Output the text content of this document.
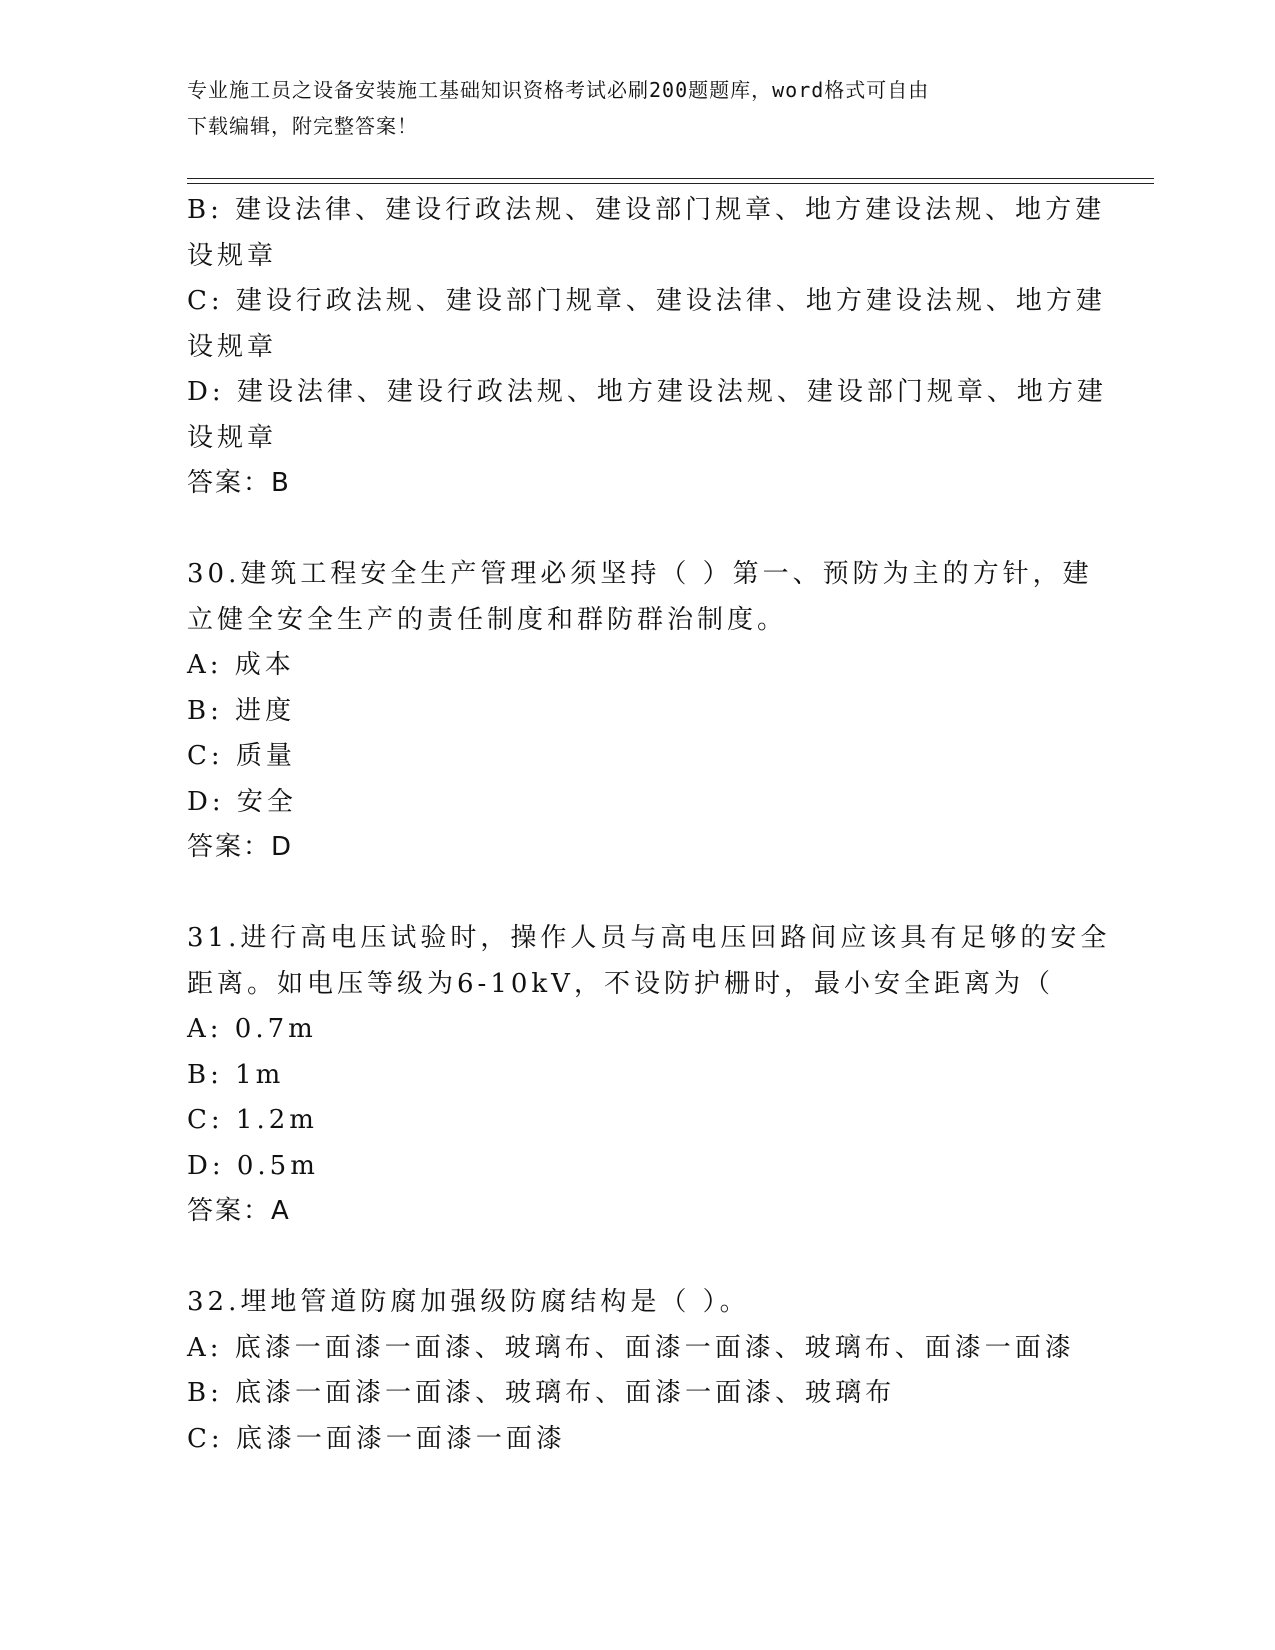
专业施工员之设备安装施工基础知识资格考试必刷200题题库，word格式可自由
下载编辑，附完整答案！
B: 建设法律、建设行政法规、建设部门规章、地方建设法规、地方建
设规章
C: 建设行政法规、建设部门规章、建设法律、地方建设法规、地方建
设规章
D: 建设法律、建设行政法规、地方建设法规、建设部门规章、地方建
设规章
答案：B
30.建筑工程安全生产管理必须坚持（ ）第一、预防为主的方针，建
立健全安全生产的责任制度和群防群治制度。
A: 成本
B: 进度
C: 质量
D: 安全
答案：D
31.进行高电压试验时，操作人员与高电压回路间应该具有足够的安全
距离。如电压等级为6-10kV，不设防护栅时，最小安全距离为（
A: 0.7m
B: 1m
C: 1.2m
D: 0.5m
答案：A
32.埋地管道防腐加强级防腐结构是（ ）。
A: 底漆一面漆一面漆、玻璃布、面漆一面漆、玻璃布、面漆一面漆
B: 底漆一面漆一面漆、玻璃布、面漆一面漆、玻璃布
C: 底漆一面漆一面漆一面漆
